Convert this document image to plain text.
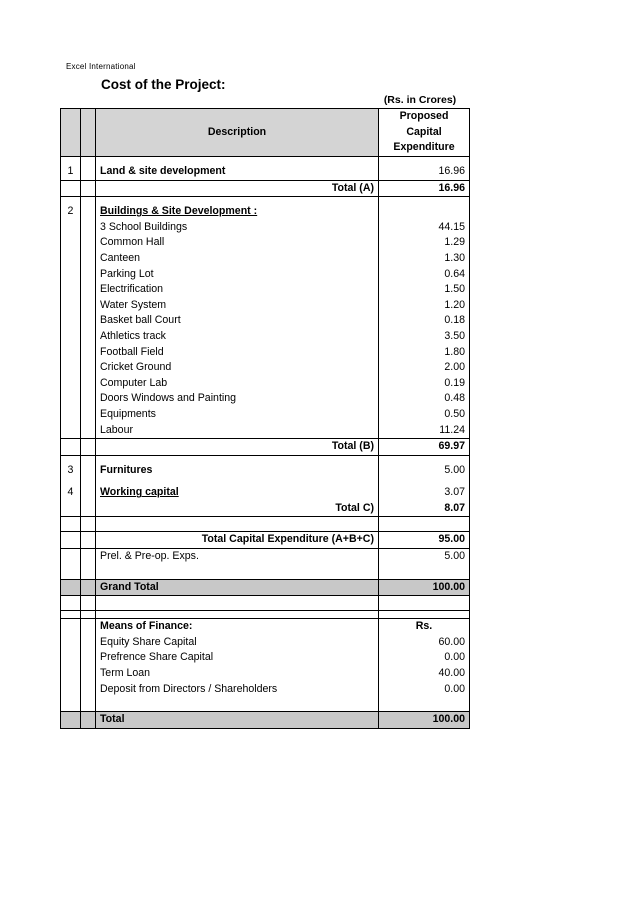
Excel International
Cost of the Project:
(Rs. in Crores)
		Description	Proposed
Capital
Expenditure

1		Land & site development	16.96
		Total (A)	16.96

2		Buildings & Site Development :	
		3 School Buildings	44.15
		Common Hall	1.29
		Canteen	1.30
		Parking Lot	0.64
		Electrification	1.50
		Water System	1.20
		Basket ball Court	0.18
		Athletics track	3.50
		Football Field	1.80
		Cricket Ground	2.00
		Computer Lab	0.19
		Doors Windows and Painting	0.48
		Equipments	0.50
		Labour	11.24
		Total (B)	69.97

3		Furnitures	5.00

4		Working capital	3.07
		Total C)	8.07

		Total Capital Expenditure (A+B+C)	95.00
		Prel. & Pre-op. Exps.	5.00

		Grand Total	100.00

		Means of Finance:	Rs.
		Equity Share Capital	60.00
		Prefrence Share Capital	0.00
		Term Loan	40.00
		Deposit from Directors / Shareholders	0.00

		Total	100.00
